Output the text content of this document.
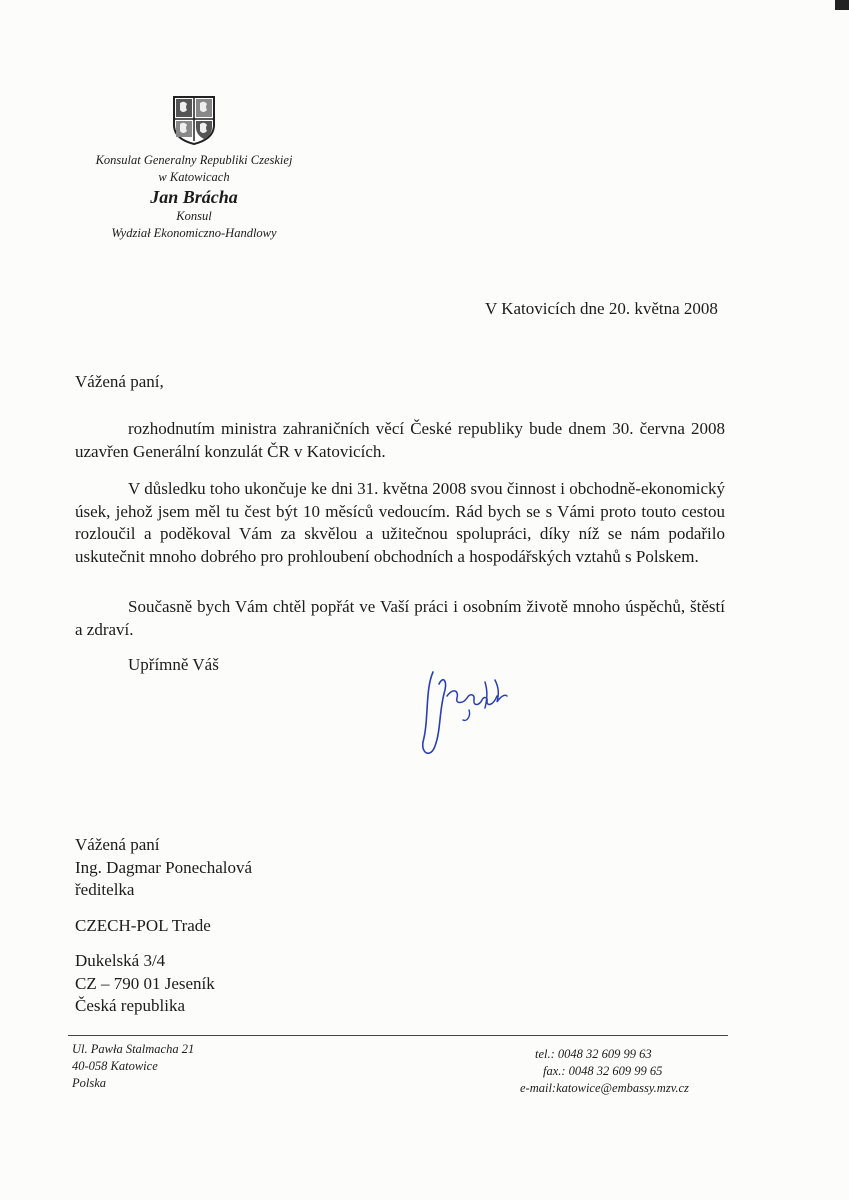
Konsulat Generalny Republiki Czeskiej
w Katowicach
Jan Brácha
Konsul
Wydział Ekonomiczno-Handlowy
V Katovicích dne 20. května 2008
Vážená paní,
rozhodnutím ministra zahraničních věcí České republiky bude dnem 30. června 2008 uzavřen Generální konzulát ČR v Katovicích.
V důsledku toho ukončuje ke dni 31. května 2008 svou činnost i obchodně-ekonomický úsek, jehož jsem měl tu čest být 10 měsíců vedoucím. Rád bych se s Vámi proto touto cestou rozloučil a poděkoval Vám za skvělou a užitečnou spolupráci, díky níž se nám podařilo uskutečnit mnoho dobrého pro prohloubení obchodních a hospodářských vztahů s Polskem.
Současně bych Vám chtěl popřát ve Vaší práci i osobním životě mnoho úspěchů, štěstí a zdraví.
Upřímně Váš
Vážená paní
Ing. Dagmar Ponechalová
ředitelka
CZECH-POL Trade
Dukelská 3/4
CZ – 790 01 Jeseník
Česká republika
Ul. Pawła Stalmacha 21
40-058 Katowice
Polska
tel.: 0048 32 609 99 63
fax.: 0048 32 609 99 65
e-mail:katowice@embassy.mzv.cz
